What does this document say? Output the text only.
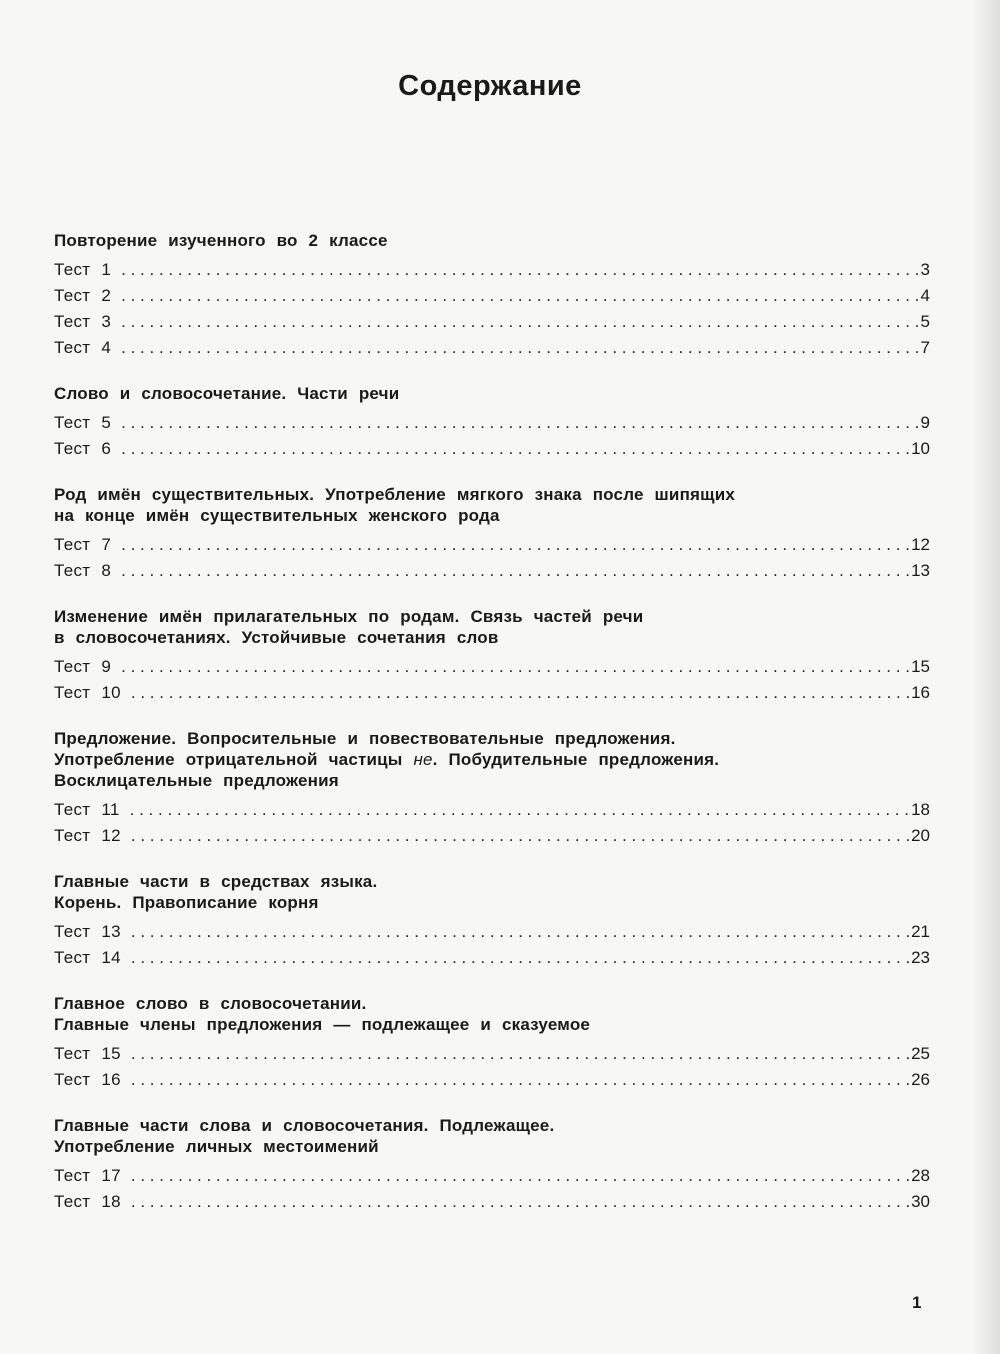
Содержание
Повторение изученного во 2 классе
Тест 1 . . .	3
Тест 2 . . .	4
Тест 3 . . .	5
Тест 4 . . .	7
Слово и словосочетание. Части речи
Тест 5 . . .	9
Тест 6 . . .	10
Род имён существительных. Употребление мягкого знака после шипящих
на конце имён существительных женского рода
Тест 7 . . .	12
Тест 8 . . .	13
Изменение имён прилагательных по родам. Связь частей речи
в словосочетаниях. Устойчивые сочетания слов
Тест 9 . . .	15
Тест 10 . . .	16
Предложение. Вопросительные и повествовательные предложения.
Употребление отрицательной частицы не. Побудительные предложения.
Восклицательные предложения
Тест 11 . . .	18
Тест 12 . . .	20
Главные части в средствах языка.
Корень. Правописание корня
Тест 13 . . .	21
Тест 14 . . .	23
Главное слово в словосочетании.
Главные члены предложения — подлежащее и сказуемое
Тест 15 . . .	25
Тест 16 . . .	26
Главные части слова и словосочетания. Подлежащее.
Употребление личных местоимений
Тест 17 . . .	28
Тест 18 . . .	30
1
